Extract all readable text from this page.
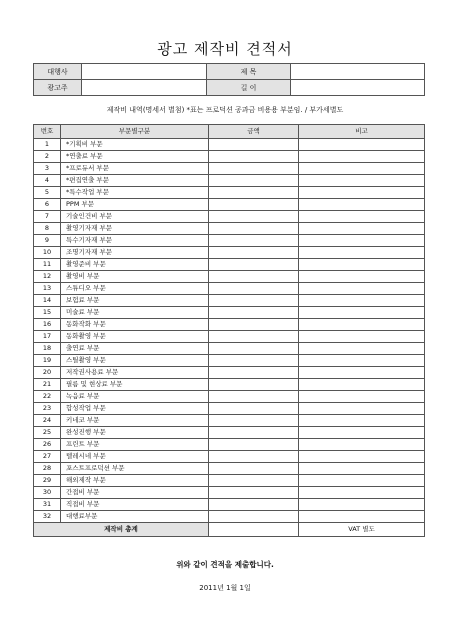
광고 제작비 견적서
대행사		제 목	
광고주		길 이	
제작비 내역(명세서 별첨) *표는 프로덕션 공과금 비용용 부분임. / 부가세별도
번호	부문별구분	금액	비고
1	*기획비 부문		
2	*연출료 부문		
3	*프로듀서 부문		
4	*편집연출 부문		
5	*특수작업 부문		
6	PPM 부문		
7	기술인건비 부문		
8	촬영기자재 부문		
9	특수기자재 부문		
10	조명기자재 부문		
11	촬영준비 부문		
12	촬영비 부문		
13	스튜디오 부문		
14	보험료 부문		
15	미술료 부문		
16	동화작화 부문		
17	동화촬영 부문		
18	출연료 부문		
19	스틸촬영 부문		
20	저작권사용료 부문		
21	필름 및 현상료 부문		
22	녹음료 부문		
23	합성작업 부문		
24	키네코 부문		
25	완성진행 부문		
26	프린트 부문		
27	텔레시네 부문		
28	포스트프로덕션 부문		
29	해외제작 부문		
30	간접비 부문		
31	직접비 부문		
32	대행료부문		
제작비 총계			VAT 별도
위와 같이 견적을 제출합니다.
2011년 1월 1일
